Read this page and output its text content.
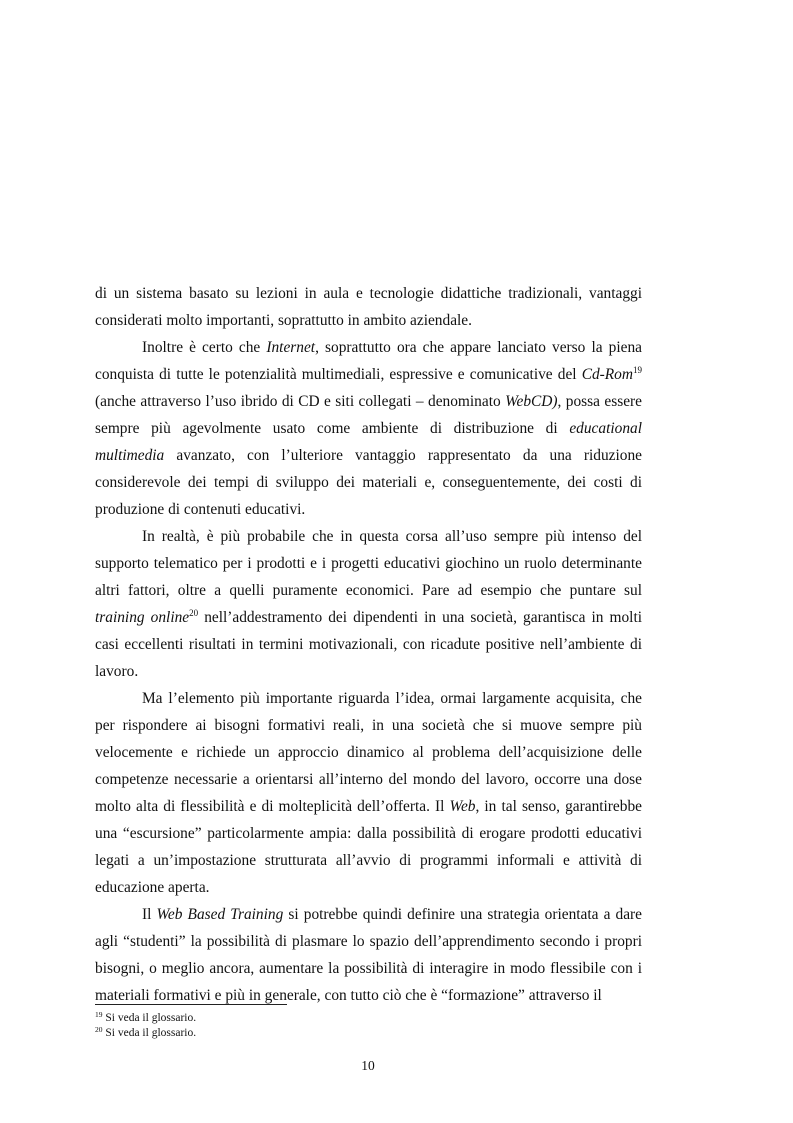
di un sistema basato su lezioni in aula e tecnologie didattiche tradizionali, vantaggi considerati molto importanti, soprattutto in ambito aziendale.

Inoltre è certo che Internet, soprattutto ora che appare lanciato verso la piena conquista di tutte le potenzialità multimediali, espressive e comunicative del Cd-Rom$^{19}$ (anche attraverso l’uso ibrido di CD e siti collegati – denominato WebCD), possa essere sempre più agevolmente usato come ambiente di distribuzione di educational multimedia avanzato, con l’ulteriore vantaggio rappresentato da una riduzione considerevole dei tempi di sviluppo dei materiali e, conseguentemente, dei costi di produzione di contenuti educativi.

In realtà, è più probabile che in questa corsa all’uso sempre più intenso del supporto telematico per i prodotti e i progetti educativi giochino un ruolo determinante altri fattori, oltre a quelli puramente economici. Pare ad esempio che puntare sul training online$^{20}$ nell’addestramento dei dipendenti in una società, garantisca in molti casi eccellenti risultati in termini motivazionali, con ricadute positive nell’ambiente di lavoro.

Ma l’elemento più importante riguarda l’idea, ormai largamente acquisita, che per rispondere ai bisogni formativi reali, in una società che si muove sempre più velocemente e richiede un approccio dinamico al problema dell’acquisizione delle competenze necessarie a orientarsi all’interno del mondo del lavoro, occorre una dose molto alta di flessibilità e di molteplicità dell’offerta. Il Web, in tal senso, garantirebbe una “escursione” particolarmente ampia: dalla possibilità di erogare prodotti educativi legati a un’impostazione strutturata all’avvio di programmi informali e attività di educazione aperta.

Il Web Based Training si potrebbe quindi definire una strategia orientata a dare agli “studenti” la possibilità di plasmare lo spazio dell’apprendimento secondo i propri bisogni, o meglio ancora, aumentare la possibilità di interagire in modo flessibile con i materiali formativi e più in generale, con tutto ciò che è “formazione” attraverso il

$^{19}$ Si veda il glossario.
$^{20}$ Si veda il glossario.
10
